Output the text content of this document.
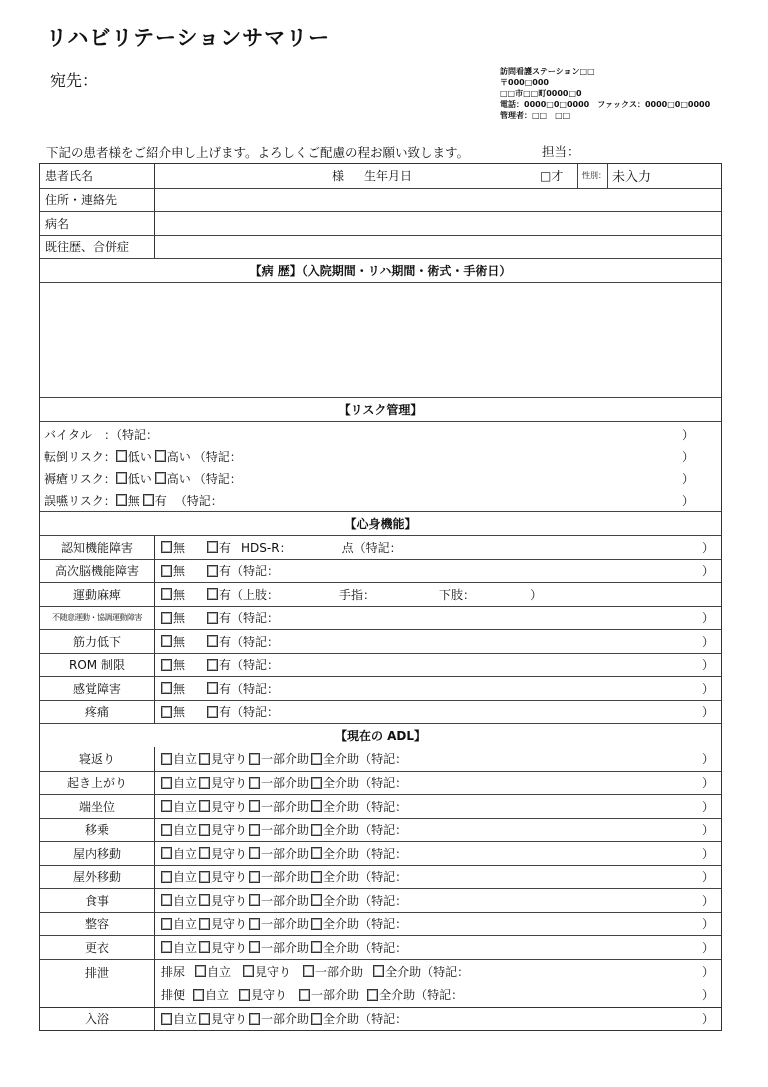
リハビリテーションサマリー
宛先：	訪問看護ステーション□□
〒000□000
□□市□□町0000□0
電話：0000□0□0000　ファックス：0000□0□0000
管理者：□□　□□
下記の患者様をご紹介申し上げます。よろしくご配慮の程お願い致します。	担当：
患者氏名	様 生年月日	□才 性別： 未入力
住所・連絡先
病名
既往歴、合併症
【病 歴】（入院期間・リハ期間・術式・手術日）
【リスク管理】
バイタル　：（特記：	）
転倒リスク： 低い 高い （特記：	）
褥瘡リスク： 低い 高い （特記：	）
誤嚥リスク： 無 有 （特記：	）
【心身機能】
認知機能障害	無	有 HDS-R：	点（特記：	）
高次脳機能障害	無	有（特記：	）
運動麻痺	無	有（上肢：	手指：	下肢：	）
不随意運動・協調運動障害	無	有（特記：	）
筋力低下	無	有（特記：	）
ROM 制限	無	有（特記：	）
感覚障害	無	有（特記：	）
疼痛	無	有（特記：	）
【現在の ADL】
寝返り	自立 見守り 一部介助 全介助 （特記：	）
起き上がり	自立 見守り 一部介助 全介助 （特記：	）
端坐位	自立 見守り 一部介助 全介助 （特記：	）
移乗	自立 見守り 一部介助 全介助 （特記：	）
屋内移動	自立 見守り 一部介助 全介助 （特記：	）
屋外移動	自立 見守り 一部介助 全介助 （特記：	）
食事	自立 見守り 一部介助 全介助 （特記：	）
整容	自立 見守り 一部介助 全介助 （特記：	）
更衣	自立 見守り 一部介助 全介助 （特記：	）
排泄	排尿 自立 見守り 一部介助 全介助 （特記：	）
排便 自立 見守り 一部介助 全介助 （特記：	）
入浴	自立 見守り 一部介助 全介助 （特記：	）
